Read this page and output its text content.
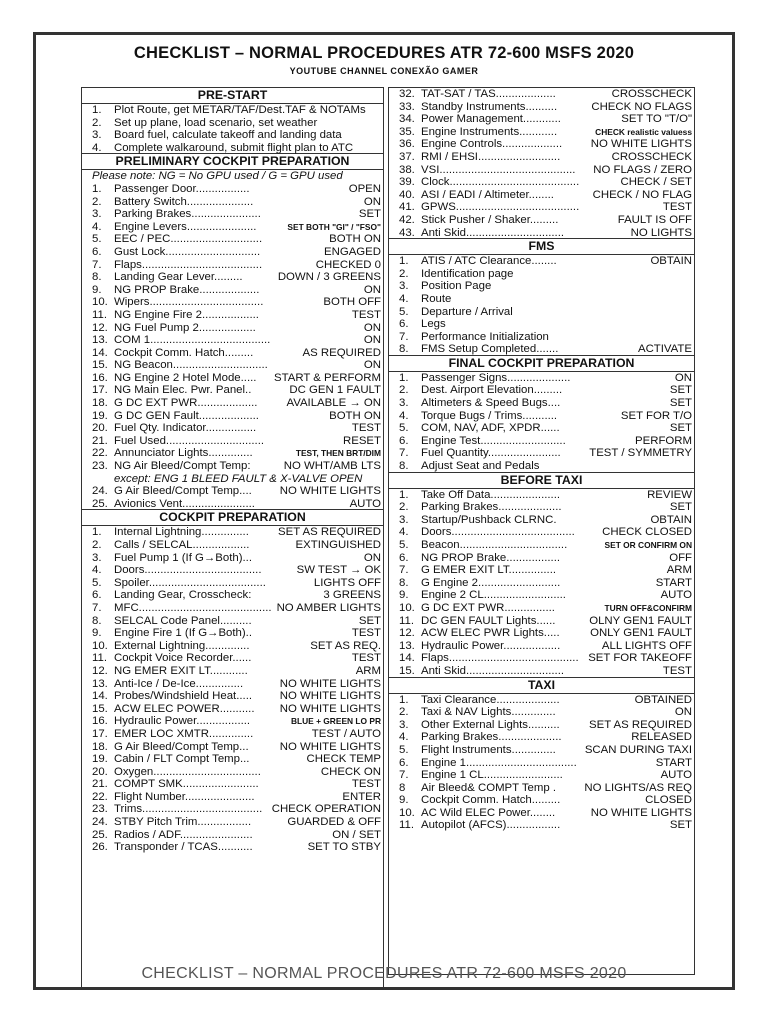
CHECKLIST – NORMAL PROCEDURES ATR 72-600 MSFS 2020
YOUTUBE CHANNEL CONEXÃO GAMER
PRE-START
1.	Plot Route, get METAR/TAF/Dest.TAF & NOTAMs
2.	Set up plane, load scenario, set weather
3.	Board fuel, calculate takeoff and landing data
4.	Complete walkaround, submit flight plan to ATC
PRELIMINARY COCKPIT PREPARATION
Please note: NG = No GPU used / G = GPU used
1.	Passenger Door.................	OPEN
2.	Battery Switch.....................	ON
3.	Parking Brakes......................	SET
4.	Engine Levers......................	SET BOTH "GI" / "FSO"
5.	EEC / PEC.............................	BOTH ON
6.	Gust Lock..............................	ENGAGED
7.	Flaps......................................	CHECKED 0
8.	Landing Gear Lever.........	DOWN / 3 GREENS
9.	NG PROP Brake...................	ON
10. Wipers....................................	BOTH OFF
11. NG Engine Fire 2..................	TEST
12. NG Fuel Pump 2..................	ON
13. COM 1......................................	ON
14. Cockpit Comm. Hatch.........	AS REQUIRED
15. NG Beacon..............................	ON
16. NG Engine 2 Hotel Mode.....	START & PERFORM
17. NG Main Elec. Pwr. Panel..	DC GEN 1 FAULT
18. G DC EXT PWR...................	AVAILABLE → ON
19. G DC GEN Fault...................	BOTH ON
20. Fuel Qty. Indicator................	TEST
21. Fuel Used...............................	RESET
22. Annunciator Lights..............	TEST, THEN BRT/DIM
23. NG Air Bleed/Compt Temp:	NO WHT/AMB LTS
except: ENG 1 BLEED FAULT & X-VALVE OPEN
24. G Air Bleed/Compt Temp....	NO WHITE LIGHTS
25. Avionics Vent.......................	AUTO
COCKPIT PREPARATION
1.	Internal Lightning...............	SET AS REQUIRED
2.	Calls / SELCAL..................	EXTINGUISHED
3.	Fuel Pump 1 (If G→Both)...	ON
4.	Doors.....................................	SW TEST → OK
5.	Spoiler.....................................	LIGHTS OFF
6.	Landing Gear, Crosscheck:	3 GREENS
7.	MFC.......................................... NO AMBER LIGHTS
8.	SELCAL Code Panel..........	SET
9.	Engine Fire 1 (If G→Both)..	TEST
10. External Lightning..............	SET AS REQ.
11. Cockpit Voice Recorder......	TEST
12. NG EMER EXIT LT............	ARM
13. Anti-Ice / De-Ice...............	NO WHITE LIGHTS
14. Probes/Windshield Heat.....	NO WHITE LIGHTS
15. ACW ELEC POWER...........	NO WHITE LIGHTS
16. Hydraulic Power.................	BLUE + GREEN LO PR
17. EMER LOC XMTR..............	TEST / AUTO
18. G Air Bleed/Compt Temp...	NO WHITE LIGHTS
19. Cabin / FLT Compt Temp...	CHECK TEMP
20. Oxygen..................................	CHECK ON
21. COMPT SMK........................	TEST
22. Flight Number......................	ENTER
23. Trims...................................... CHECK OPERATION
24. STBY Pitch Trim.................	GUARDED & OFF
25. Radios / ADF.......................	ON / SET
26. Transponder / TCAS...........	SET TO STBY
32. TAT-SAT / TAS...................	CROSSCHECK
33. Standby Instruments..........	CHECK NO FLAGS
34. Power Management............	SET TO "T/O"
35. Engine Instruments............	CHECK realistic valuess
36. Engine Controls...................	NO WHITE LIGHTS
37. RMI / EHSI..........................	CROSSCHECK
38. VSI...........................................	NO FLAGS / ZERO
39. Clock.........................................	CHECK / SET
40. ASI / EADI / Altimeter........	CHECK / NO FLAG
41. GPWS.......................................	TEST
42. Stick Pusher / Shaker.........	FAULT IS OFF
43. Anti Skid...............................	NO LIGHTS
FMS
1.	ATIS / ATC Clearance........	OBTAIN
2.	Identification page
3.	Position Page
4.	Route
5.	Departure / Arrival
6.	Legs
7.	Performance Initialization
8.	FMS Setup Completed.......	ACTIVATE
FINAL COCKPIT PREPARATION
1.	Passenger Signs....................	ON
2.	Dest. Airport Elevation.........	SET
3.	Altimeters & Speed Bugs....	SET
4.	Torque Bugs / Trims...........	SET FOR T/O
5.	COM, NAV, ADF, XPDR......	SET
6.	Engine Test...........................	PERFORM
7.	Fuel Quantity.......................	TEST / SYMMETRY
8.	Adjust Seat and Pedals
BEFORE TAXI
1.	Take Off Data......................	REVIEW
2.	Parking Brakes....................	SET
3.	Startup/Pushback CLRNC.	OBTAIN
4.	Doors.......................................	CHECK CLOSED
5.	Beacon..................................	SET OR CONFIRM ON
6.	NG PROP Brake.................	OFF
7.	G EMER EXIT LT...............	ARM
8.	G Engine 2..........................	START
9.	Engine 2 CL..........................	AUTO
10. G DC EXT PWR................	TURN OFF&CONFIRM
11. DC GEN FAULT Lights......	OLNY GEN1 FAULT
12. ACW ELEC PWR Lights.....	ONLY GEN1 FAULT
13. Hydraulic Power..................	ALL LIGHTS OFF
14. Flaps......................................... SET FOR TAKEOFF
15. Anti Skid...............................	TEST
TAXI
1.	Taxi Clearance....................	OBTAINED
2.	Taxi & NAV Lights..............	ON
3.	Other External Lights..........	SET AS REQUIRED
4.	Parking Brakes....................	RELEASED
5.	Flight Instruments..............	SCAN DURING TAXI
6.	Engine 1...................................	START
7.	Engine 1 CL.........................	AUTO
8	Air Bleed& COMPT Temp .	NO LIGHTS/AS REQ
9.	Cockpit Comm. Hatch.........	CLOSED
10. AC Wild ELEC Power........	NO WHITE LIGHTS
11. Autopilot (AFCS).................	SET
CHECKLIST – NORMAL PROCEDURES ATR 72-600 MSFS 2020
